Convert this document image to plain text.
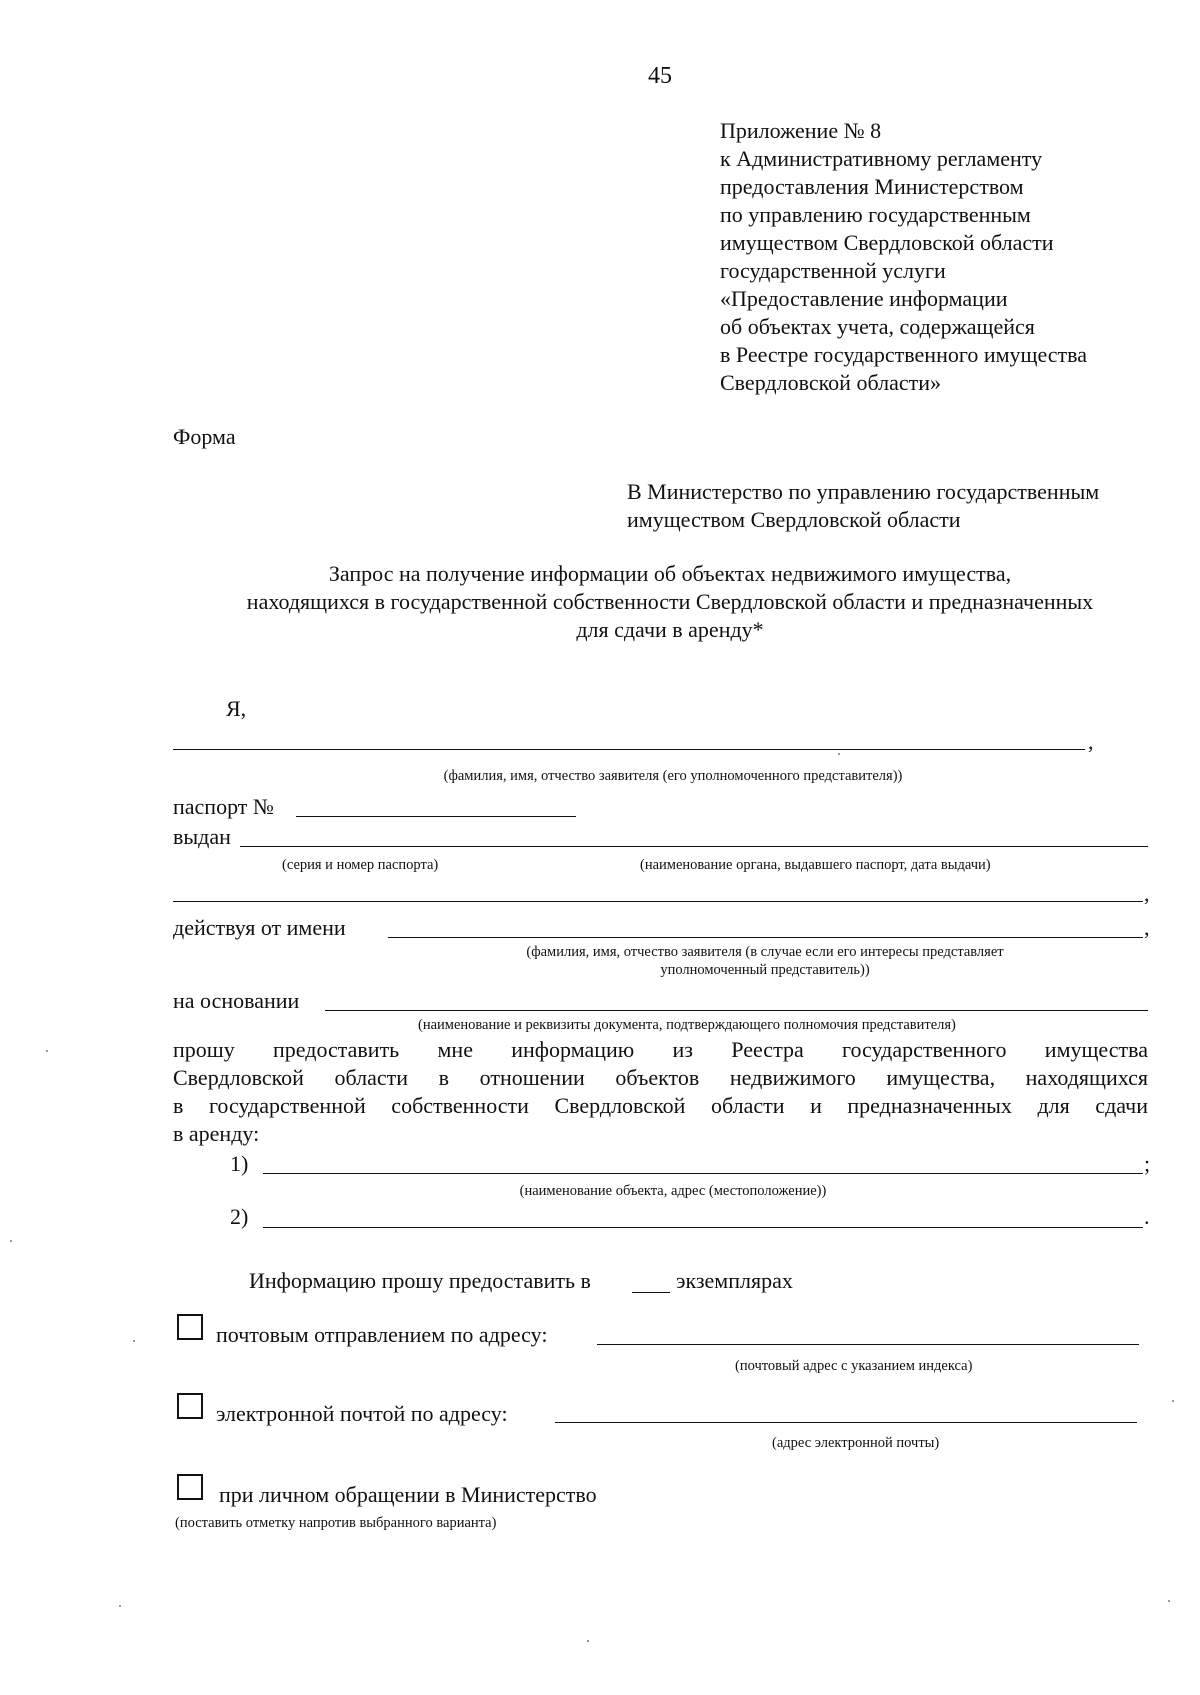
45
Приложение № 8
к Административному регламенту
предоставления Министерством
по управлению государственным
имуществом Свердловской области
государственной услуги
«Предоставление информации
об объектах учета, содержащейся
в Реестре государственного имущества
Свердловской области»
Форма
В Министерство по управлению государственным
имуществом Свердловской области
Запрос на получение информации об объектах недвижимого имущества,
находящихся в государственной собственности Свердловской области и предназначенных
для сдачи в аренду*
Я,
,
(фамилия, имя, отчество заявителя (его уполномоченного представителя))
паспорт №
выдан
(серия и номер паспорта)	(наименование органа, выдавшего паспорт, дата выдачи)
,
действуя от имени	,
(фамилия, имя, отчество заявителя (в случае если его интересы представляет
уполномоченный представитель))
на основании
(наименование и реквизиты документа, подтверждающего полномочия представителя)
прошу предоставить мне информацию из Реестра государственного имущества
Свердловской области в отношении объектов недвижимого имущества, находящихся
в государственной собственности Свердловской области и предназначенных для сдачи
в аренду:
1)	;
(наименование объекта, адрес (местоположение))
2)	.
Информацию прошу предоставить в	экземплярах
почтовым отправлением по адресу:
(почтовый адрес с указанием индекса)
электронной почтой по адресу:
(адрес электронной почты)
при личном обращении в Министерство
(поставить отметку напротив выбранного варианта)
